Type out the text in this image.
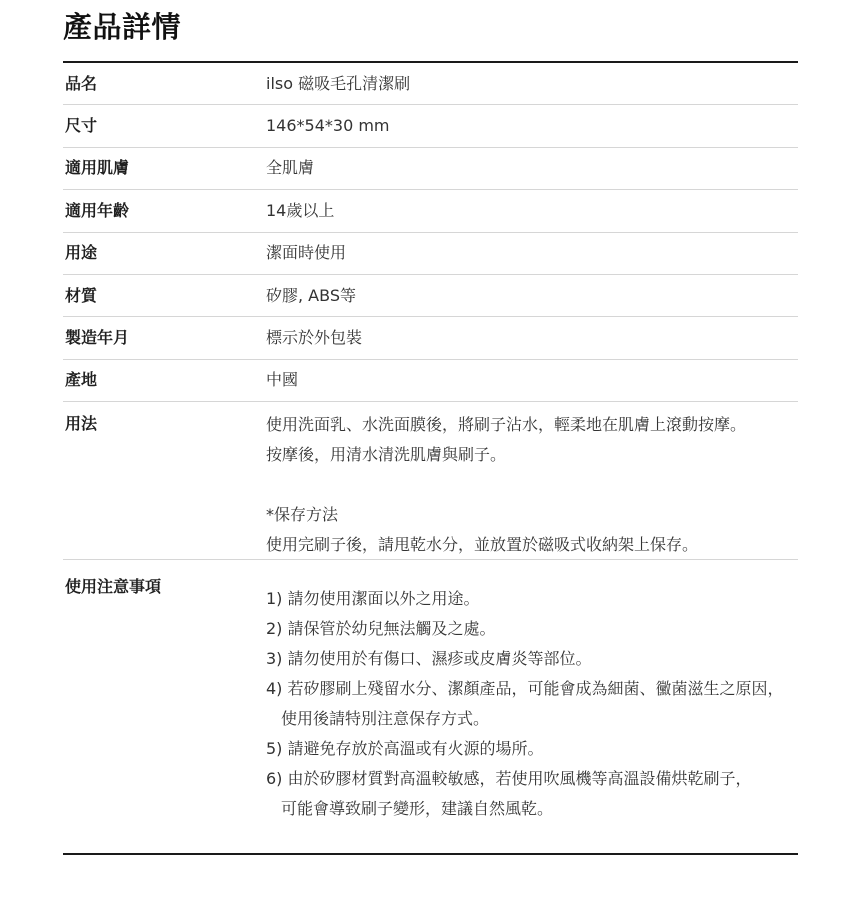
產品詳情
品名	ilso 磁吸毛孔清潔刷
尺寸	146*54*30 mm
適用肌膚	全肌膚
適用年齡	14歲以上
用途	潔面時使用
材質	矽膠, ABS等
製造年月	標示於外包裝
產地	中國
用法	使用洗面乳、水洗面膜後，將刷子沾水，輕柔地在肌膚上滾動按摩。
按摩後，用清水清洗肌膚與刷子。
*保存方法
使用完刷子後，請甩乾水分，並放置於磁吸式收納架上保存。
使用注意事項
1) 請勿使用潔面以外之用途。
2) 請保管於幼兒無法觸及之處。
3) 請勿使用於有傷口、濕疹或皮膚炎等部位。
4) 若矽膠刷上殘留水分、潔顏產品，可能會成為細菌、黴菌滋生之原因，
使用後請特別注意保存方式。
5) 請避免存放於高溫或有火源的場所。
6) 由於矽膠材質對高溫較敏感，若使用吹風機等高溫設備烘乾刷子，
可能會導致刷子變形，建議自然風乾。
